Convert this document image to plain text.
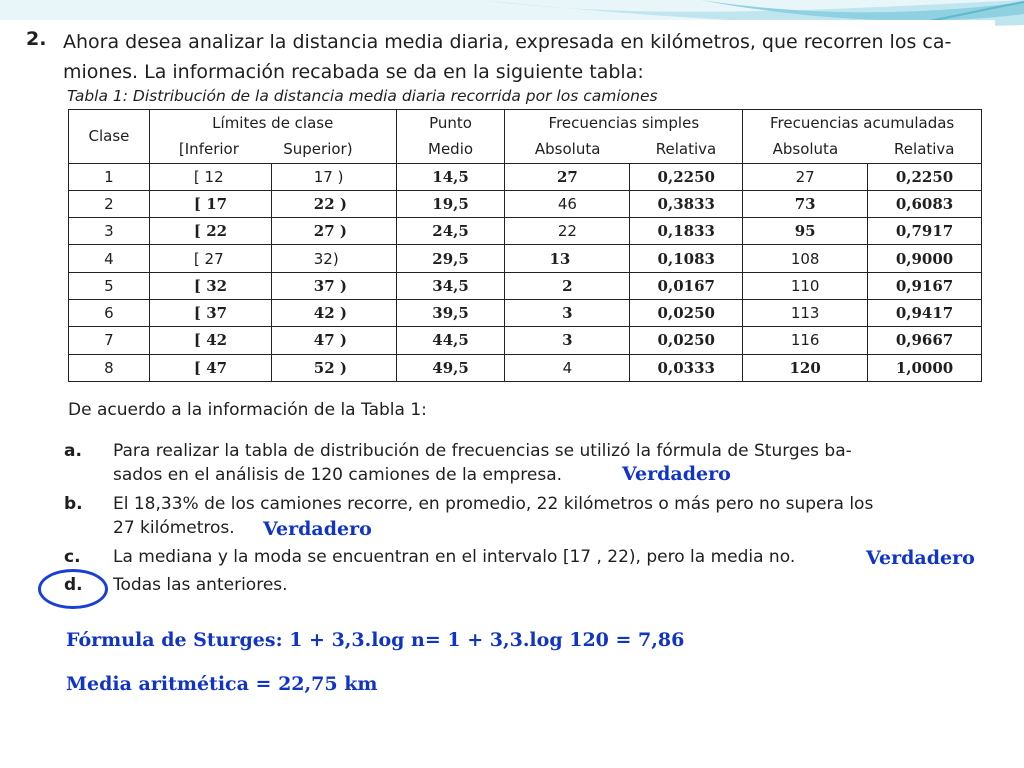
2. Ahora desea analizar la distancia media diaria, expresada en kilómetros, que recorren los ca-
miones. La información recabada se da en la siguiente tabla:
Tabla 1: Distribución de la distancia media diaria recorrida por los camiones
Clase	Límites de clase		Punto	Frecuencias simples		Frecuencias acumuladas	
	[Inferior Superior)		Medio	Absoluta	Relativa	Absoluta	Relativa
1	[ 12	17 )	14,5	27	0,2250	27	0,2250
2	[ 17	22 )	19,5	46	0,3833	73	0,6083
3	[ 22	27 )	24,5	22	0,1833	95	0,7917
4	[ 27	32)	29,5	13	0,1083	108	0,9000
5	[ 32	37 )	34,5	2	0,0167	110	0,9167
6	[ 37	42 )	39,5	3	0,0250	113	0,9417
7	[ 42	47 )	44,5	3	0,0250	116	0,9667
8	[ 47	52 )	49,5	4	0,0333	120	1,0000
De acuerdo a la información de la Tabla 1:
a. Para realizar la tabla de distribución de frecuencias se utilizó la fórmula de Sturges ba-
sados en el análisis de 120 camiones de la empresa.	Verdadero
b. El 18,33% de los camiones recorre, en promedio, 22 kilómetros o más pero no supera los
27 kilómetros. Verdadero
c. La mediana y la moda se encuentran en el intervalo [17 , 22), pero la media no.	Verdadero
d. Todas las anteriores.
Fórmula de Sturges: 1 + 3,3.log n= 1 + 3,3.log 120 = 7,86
Media aritmética = 22,75 km
